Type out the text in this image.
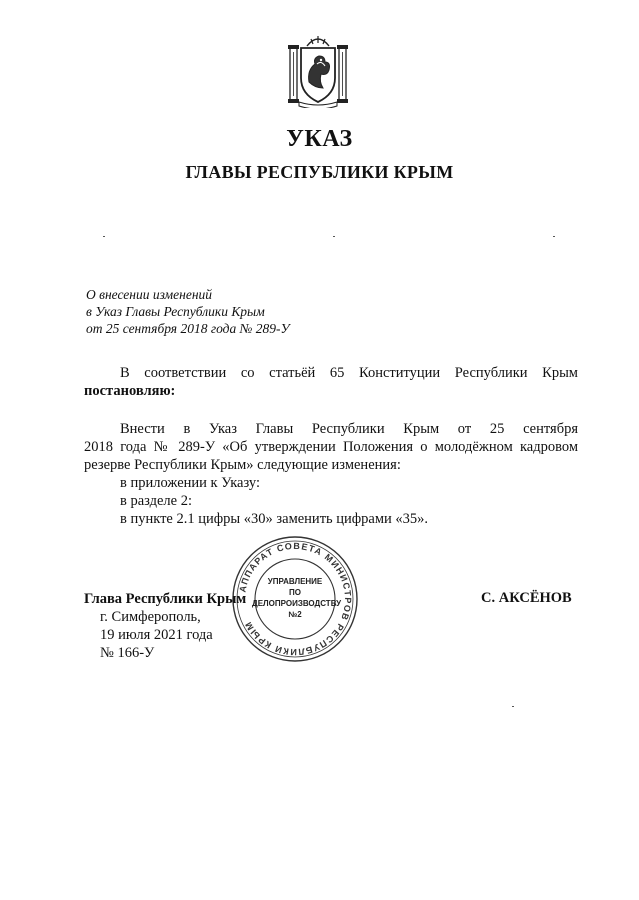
УКАЗ
ГЛАВЫ РЕСПУБЛИКИ КРЫМ
О внесении изменений
в Указ Главы Республики Крым
от 25 сентября 2018 года № 289-У
В соответствии со статьёй 65 Конституции Республики Крым
постановляю:
Внести в Указ Главы Республики Крым от 25 сентября
2018 года № 289-У «Об утверждении Положения о молодёжном кадровом
резерве Республики Крым» следующие изменения:
в приложении к Указу:
в разделе 2:
в пункте 2.1 цифры «30» заменить цифрами «35».
АППАРАТ СОВЕТА МИНИСТРОВ РЕСПУБЛИКИ КРЫМ
УПРАВЛЕНИЕ
ПО
ДЕЛОПРОИЗВОДСТВУ
№2
Глава Республики Крым
г. Симферополь,
19 июля 2021 года
№ 166-У
С. АКСЁНОВ
